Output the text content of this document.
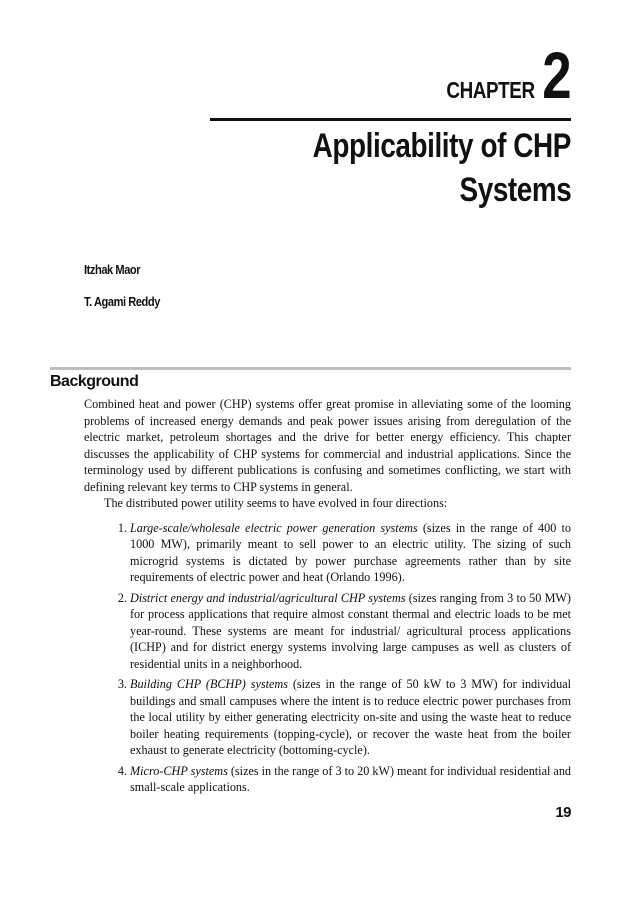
CHAPTER 2
Applicability of CHP
Systems
Itzhak Maor
T. Agami Reddy
Background

Combined heat and power (CHP) systems offer great promise in alleviating some of the looming problems of increased energy demands and peak power issues arising from deregulation of the electric market, petroleum shortages and the drive for better energy efficiency. This chapter discusses the applicability of CHP systems for commercial and industrial applications. Since the terminology used by different publications is confusing and sometimes conflicting, we start with defining relevant key terms to CHP systems in general.

The distributed power utility seems to have evolved in four directions:

1. Large-scale/wholesale electric power generation systems (sizes in the range of 400 to 1000 MW), primarily meant to sell power to an electric utility. The sizing of such microgrid systems is dictated by power purchase agreements rather than by site requirements of electric power and heat (Orlando 1996).
2. District energy and industrial/agricultural CHP systems (sizes ranging from 3 to 50 MW) for process applications that require almost constant thermal and electric loads to be met year-round. These systems are meant for industrial/ agricultural process applications (ICHP) and for district energy systems involving large campuses as well as clusters of residential units in a neighborhood.
3. Building CHP (BCHP) systems (sizes in the range of 50 kW to 3 MW) for individual buildings and small campuses where the intent is to reduce electric power purchases from the local utility by either generating electricity on-site and using the waste heat to reduce boiler heating requirements (topping-cycle), or recover the waste heat from the boiler exhaust to generate electricity (bottoming-cycle).
4. Micro-CHP systems (sizes in the range of 3 to 20 kW) meant for individual residential and small-scale applications.
19
